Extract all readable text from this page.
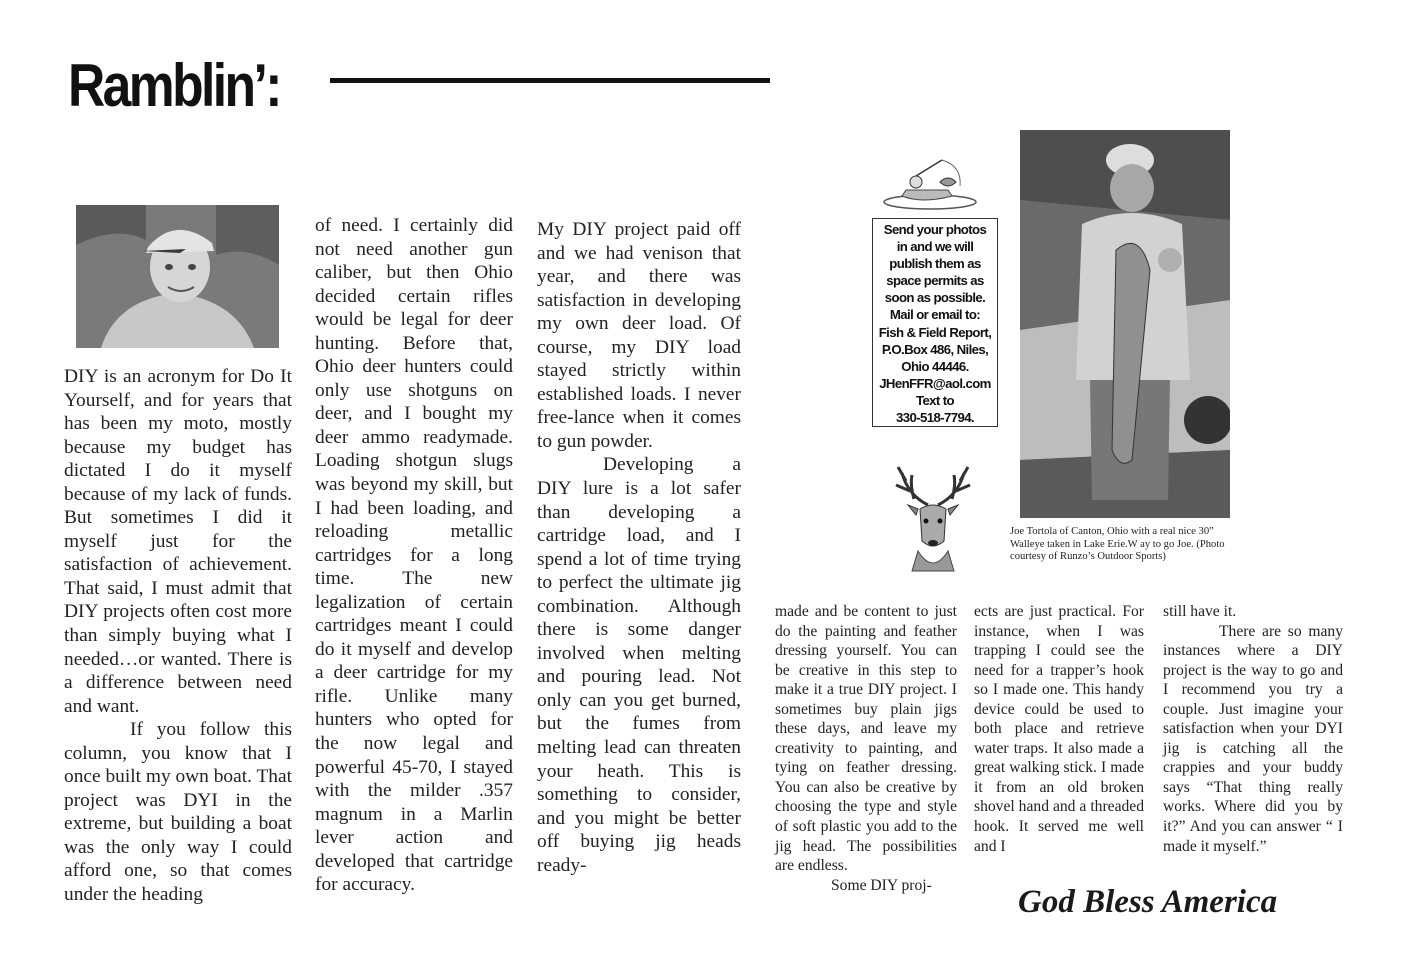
Ramblin’:

DIY is an acronym for Do It Yourself, and for years that has been my moto, mostly because my budget has dictated I do it myself because of my lack of funds. But sometimes I did it myself just for the satisfaction of achievement. That said, I must admit that DIY projects often cost more than simply buying what I needed…or wanted. There is a difference between need and want.

If you follow this column, you know that I once built my own boat. That project was DYI in the extreme, but building a boat was the only way I could afford one, so that comes under the heading

of need. I certainly did not need another gun caliber, but then Ohio decided certain rifles would be legal for deer hunting. Before that, Ohio deer hunters could only use shotguns on deer, and I bought my deer ammo readymade. Loading shotgun slugs was beyond my skill, but I had been loading, and reloading metallic cartridges for a long time. The new legalization of certain cartridges meant I could do it myself and develop a deer cartridge for my rifle. Unlike many hunters who opted for the now legal and powerful 45-70, I stayed with the milder .357 magnum in a Marlin lever action and developed that cartridge for accuracy.

My DIY project paid off and we had venison that year, and there was satisfaction in developing my own deer load. Of course, my DIY load stayed strictly within established loads. I never free-lance when it comes to gun powder.

Developing a DIY lure is a lot safer than developing a cartridge load, and I spend a lot of time trying to perfect the ultimate jig combination. Although there is some danger involved when melting and pouring lead. Not only can you get burned, but the fumes from melting lead can threaten your heath. This is something to consider, and you might be better off buying jig heads ready-

Send your photos
in and we will
publish them as
space permits as
soon as possible.
Mail or email to:
Fish & Field Report,
P.O.Box 486, Niles,
Ohio 44446.
JHenFFR@aol.com
Text to
330-518-7794.
Joe Tortola of Canton, Ohio with a real nice 30” Walleye taken in Lake Erie.W ay to go Joe. (Photo courtesy of Runzo’s Outdoor Sports)

made and be content to just do the painting and feather dressing yourself. You can be creative in this step to make it a true DIY project. I sometimes buy plain jigs these days, and leave my creativity to painting, and tying on feather dressing. You can also be creative by choosing the type and style of soft plastic you add to the jig head. The possibilities are endless.

Some DIY proj-

ects are just practical. For instance, when I was trapping I could see the need for a trapper’s hook so I made one. This handy device could be used to both place and retrieve water traps. It also made a great walking stick. I made it from an old broken shovel hand and a threaded hook. It served me well and I

still have it.

There are so many instances where a DIY project is the way to go and I recommend you try a couple. Just imagine your satisfaction when your DYI jig is catching all the crappies and your buddy says “That thing really works. Where did you by it?” And you can answer “ I made it myself.”

God Bless America
